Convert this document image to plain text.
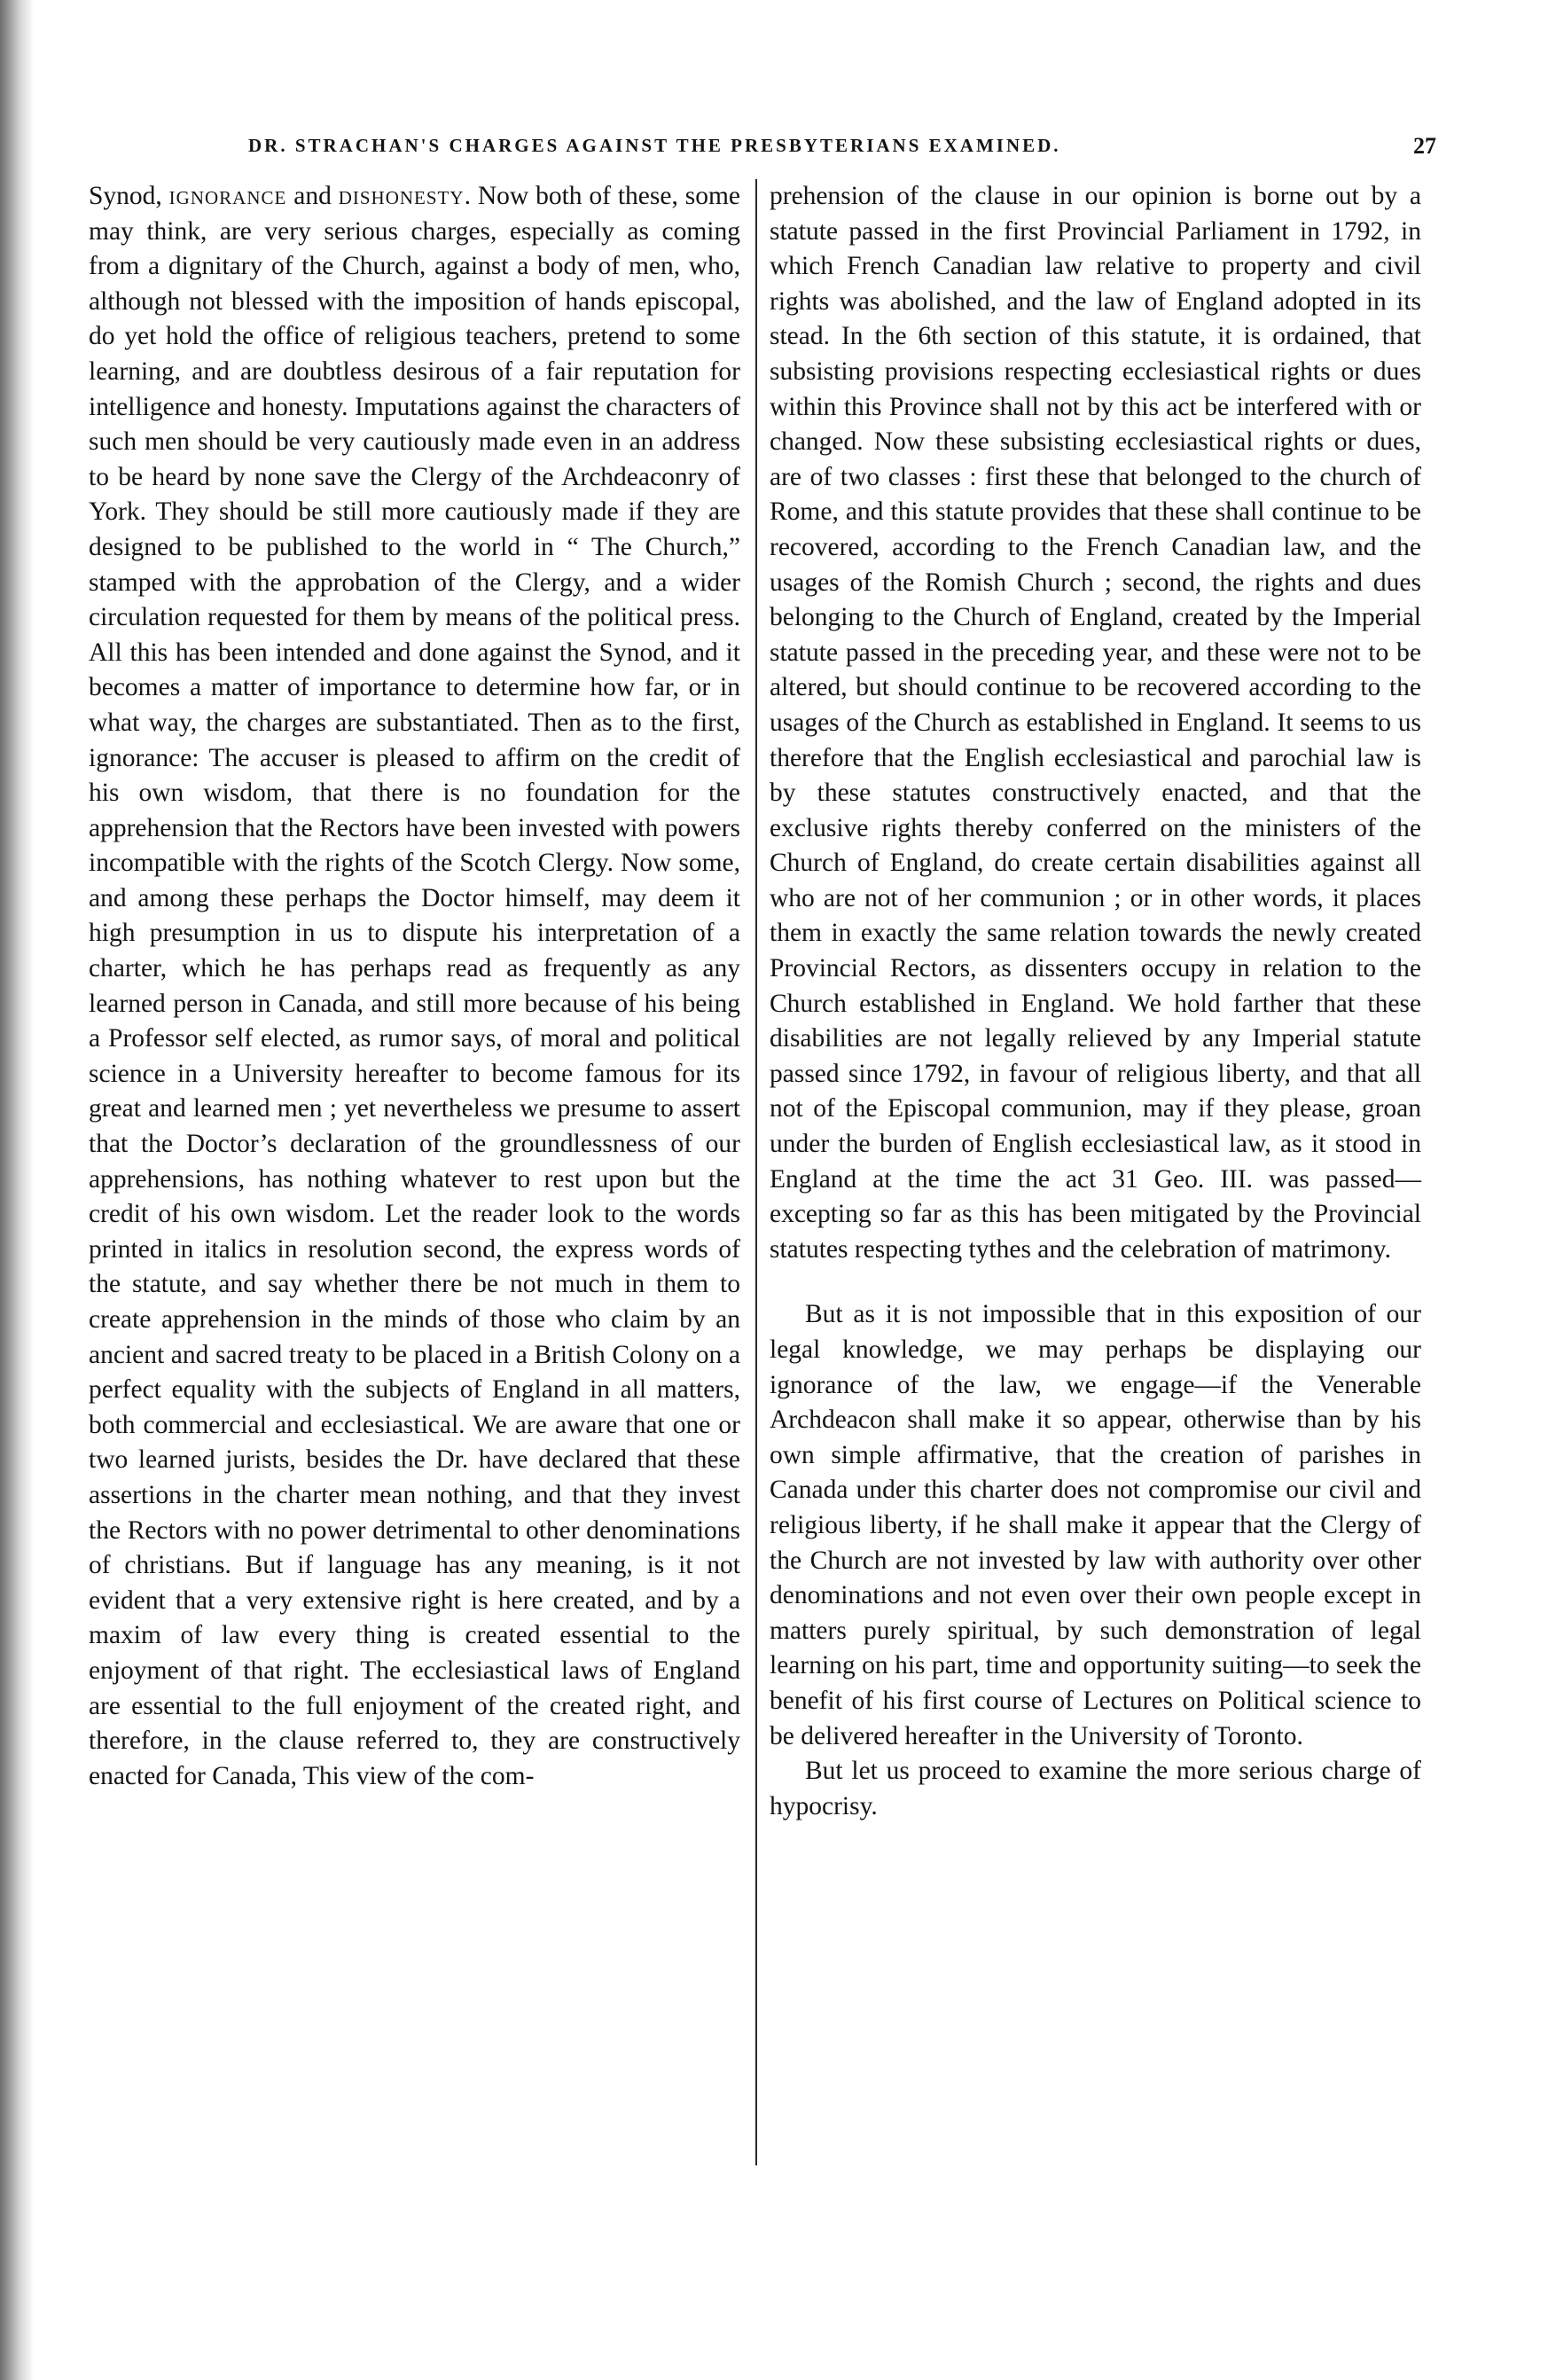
DR. STRACHAN'S CHARGES AGAINST THE PRESBYTERIANS EXAMINED.	27

Synod, ignorance and dishonesty. Now both of these, some may think, are very serious charges, especially as coming from a dignitary of the Church, against a body of men, who, although not blessed with the imposition of hands episcopal, do yet hold the office of religious teachers, pretend to some learning, and are doubtless desirous of a fair reputation for intelligence and honesty. Imputations against the characters of such men should be very cautiously made even in an address to be heard by none save the Clergy of the Archdeaconry of York. They should be still more cautiously made if they are designed to be published to the world in “ The Church,” stamped with the approbation of the Clergy, and a wider circulation requested for them by means of the political press. All this has been intended and done against the Synod, and it becomes a matter of importance to determine how far, or in what way, the charges are substantiated. Then as to the first, ignorance: The accuser is pleased to affirm on the credit of his own wisdom, that there is no foundation for the apprehension that the Rectors have been invested with powers incompatible with the rights of the Scotch Clergy. Now some, and among these perhaps the Doctor himself, may deem it high presumption in us to dispute his interpretation of a charter, which he has perhaps read as frequently as any learned person in Canada, and still more because of his being a Professor self elected, as rumor says, of moral and political science in a University hereafter to become famous for its great and learned men ; yet nevertheless we presume to assert that the Doctor’s declaration of the groundlessness of our apprehensions, has nothing whatever to rest upon but the credit of his own wisdom. Let the reader look to the words printed in italics in resolution second, the express words of the statute, and say whether there be not much in them to create apprehension in the minds of those who claim by an ancient and sacred treaty to be placed in a British Colony on a perfect equality with the subjects of England in all matters, both commercial and ecclesiastical. We are aware that one or two learned jurists, besides the Dr. have declared that these assertions in the charter mean nothing, and that they invest the Rectors with no power detrimental to other denominations of christians. But if language has any meaning, is it not evident that a very extensive right is here created, and by a maxim of law every thing is created essential to the enjoyment of that right. The ecclesiastical laws of England are essential to the full enjoyment of the created right, and therefore, in the clause referred to, they are constructively enacted for Canada, This view of the com-

prehension of the clause in our opinion is borne out by a statute passed in the first Provincial Parliament in 1792, in which French Canadian law relative to property and civil rights was abolished, and the law of England adopted in its stead. In the 6th section of this statute, it is ordained, that subsisting provisions respecting ecclesiastical rights or dues within this Province shall not by this act be interfered with or changed. Now these subsisting ecclesiastical rights or dues, are of two classes : first these that belonged to the church of Rome, and this statute provides that these shall continue to be recovered, according to the French Canadian law, and the usages of the Romish Church ; second, the rights and dues belonging to the Church of England, created by the Imperial statute passed in the preceding year, and these were not to be altered, but should continue to be recovered according to the usages of the Church as established in England. It seems to us therefore that the English ecclesiastical and parochial law is by these statutes constructively enacted, and that the exclusive rights thereby conferred on the ministers of the Church of England, do create certain disabilities against all who are not of her communion ; or in other words, it places them in exactly the same relation towards the newly created Provincial Rectors, as dissenters occupy in relation to the Church established in England. We hold farther that these disabilities are not legally relieved by any Imperial statute passed since 1792, in favour of religious liberty, and that all not of the Episcopal communion, may if they please, groan under the burden of English ecclesiastical law, as it stood in England at the time the act 31 Geo. III. was passed—excepting so far as this has been mitigated by the Provincial statutes respecting tythes and the celebration of matrimony.

But as it is not impossible that in this exposition of our legal knowledge, we may perhaps be displaying our ignorance of the law, we engage—if the Venerable Archdeacon shall make it so appear, otherwise than by his own simple affirmative, that the creation of parishes in Canada under this charter does not compromise our civil and religious liberty, if he shall make it appear that the Clergy of the Church are not invested by law with authority over other denominations and not even over their own people except in matters purely spiritual, by such demonstration of legal learning on his part, time and opportunity suiting—to seek the benefit of his first course of Lectures on Political science to be delivered hereafter in the University of Toronto.

But let us proceed to examine the more serious charge of hypocrisy.
